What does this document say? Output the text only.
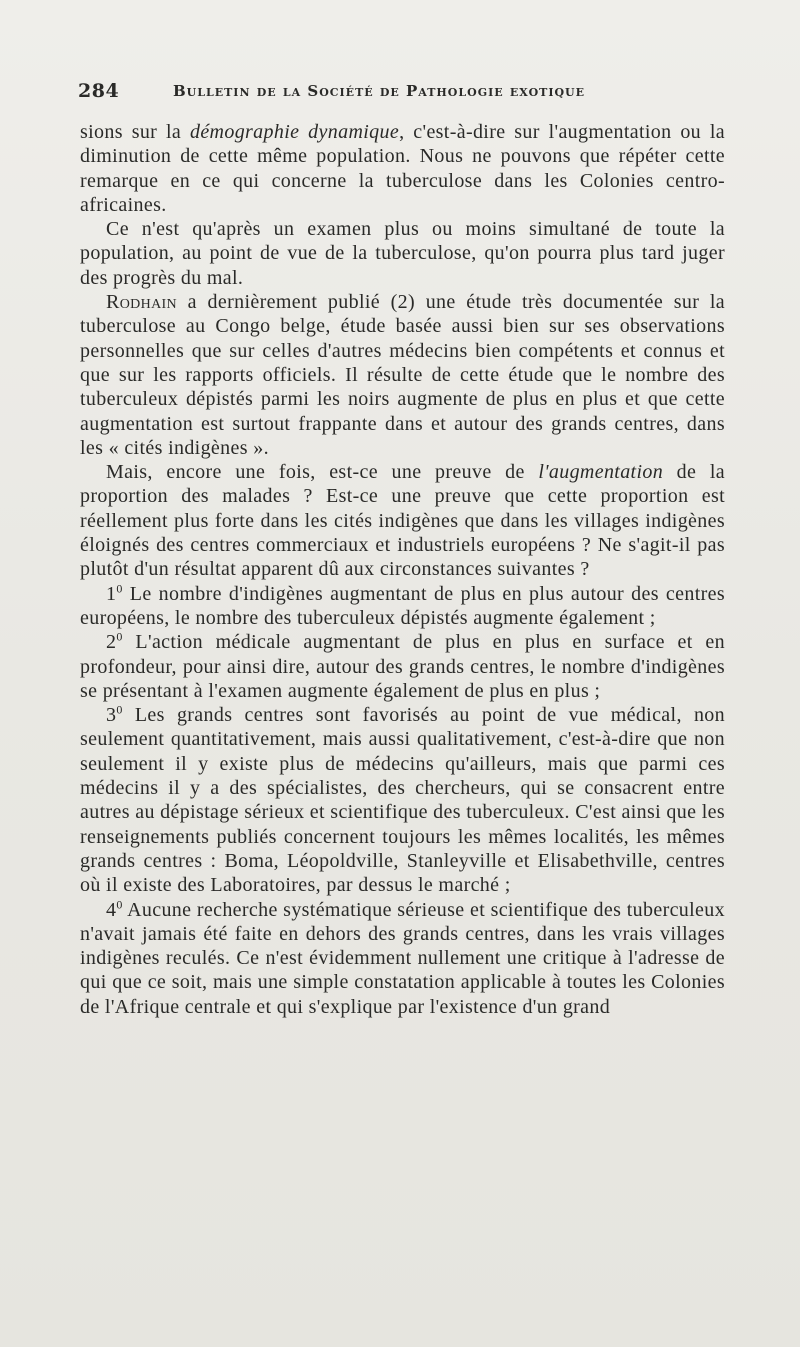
284	Bulletin de la Société de Pathologie exotique

sions sur la démographie dynamique, c'est-à-dire sur l'augmentation ou la diminution de cette même population. Nous ne pouvons que répéter cette remarque en ce qui concerne la tuberculose dans les Colonies centro-africaines.

Ce n'est qu'après un examen plus ou moins simultané de toute la population, au point de vue de la tuberculose, qu'on pourra plus tard juger des progrès du mal.

Rodhain a dernièrement publié (2) une étude très documentée sur la tuberculose au Congo belge, étude basée aussi bien sur ses observations personnelles que sur celles d'autres médecins bien compétents et connus et que sur les rapports officiels. Il résulte de cette étude que le nombre des tuberculeux dépistés parmi les noirs augmente de plus en plus et que cette augmentation est surtout frappante dans et autour des grands centres, dans les « cités indigènes ».

Mais, encore une fois, est-ce une preuve de l'augmentation de la proportion des malades ? Est-ce une preuve que cette proportion est réellement plus forte dans les cités indigènes que dans les villages indigènes éloignés des centres commerciaux et industriels européens ? Ne s'agit-il pas plutôt d'un résultat apparent dû aux circonstances suivantes ?

$1^0$ Le nombre d'indigènes augmentant de plus en plus autour des centres européens, le nombre des tuberculeux dépistés augmente également ;

$2^0$ L'action médicale augmentant de plus en plus en surface et en profondeur, pour ainsi dire, autour des grands centres, le nombre d'indigènes se présentant à l'examen augmente également de plus en plus ;

$3^0$ Les grands centres sont favorisés au point de vue médical, non seulement quantitativement, mais aussi qualitativement, c'est-à-dire que non seulement il y existe plus de médecins qu'ailleurs, mais que parmi ces médecins il y a des spécialistes, des chercheurs, qui se consacrent entre autres au dépistage sérieux et scientifique des tuberculeux. C'est ainsi que les renseignements publiés concernent toujours les mêmes localités, les mêmes grands centres : Boma, Léopoldville, Stanleyville et Elisabethville, centres où il existe des Laboratoires, par dessus le marché ;

$4^0$ Aucune recherche systématique sérieuse et scientifique des tuberculeux n'avait jamais été faite en dehors des grands centres, dans les vrais villages indigènes reculés. Ce n'est évidemment nullement une critique à l'adresse de qui que ce soit, mais une simple constatation applicable à toutes les Colonies de l'Afrique centrale et qui s'explique par l'existence d'un grand
